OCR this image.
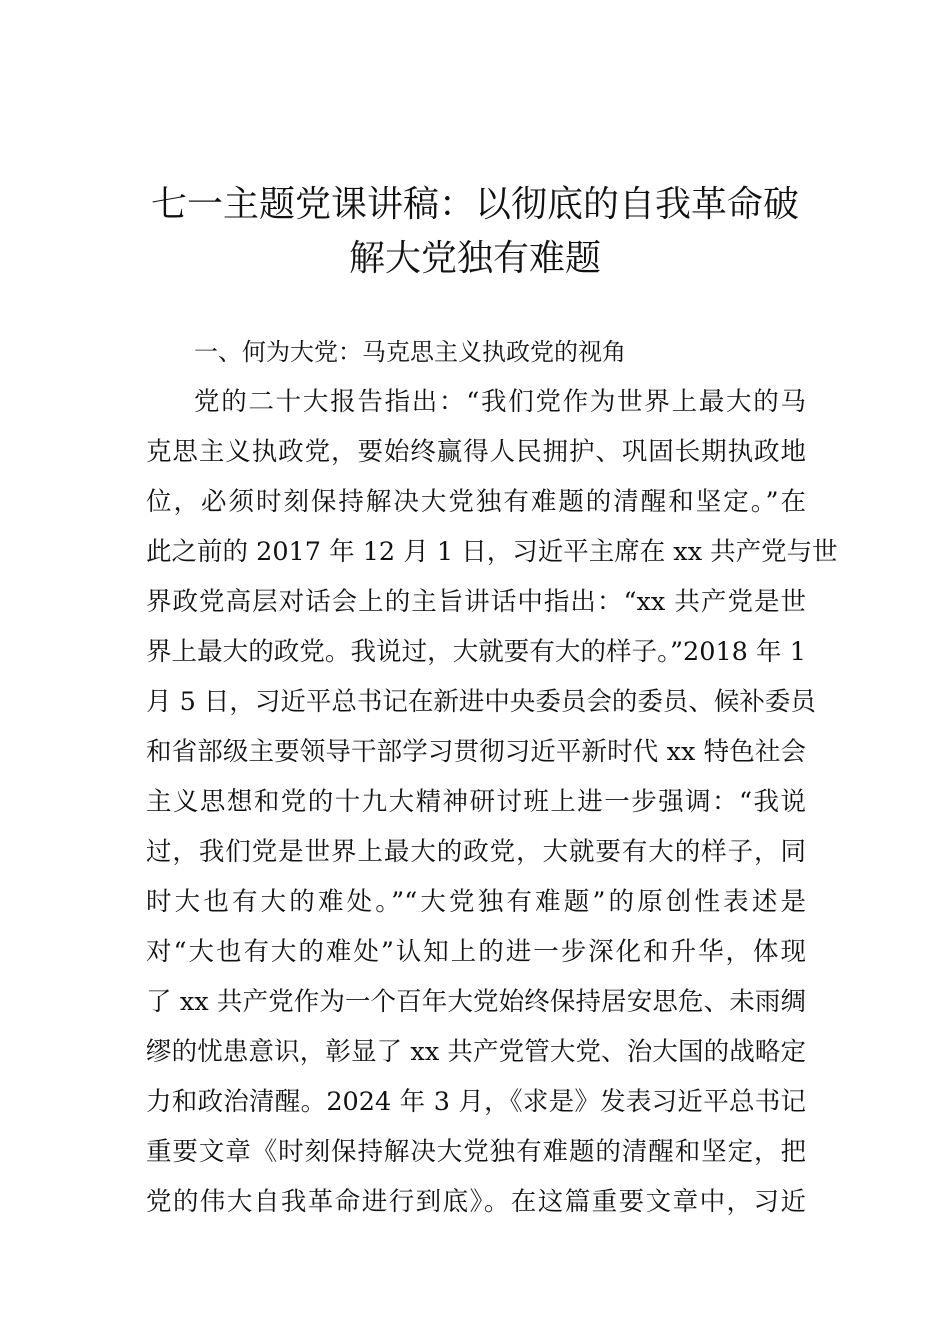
七一主题党课讲稿：以彻底的自我革命破
解大党独有难题

一、何为大党：马克思主义执政党的视角

党的二十大报告指出：“我们党作为世界上最大的马
克思主义执政党，要始终赢得人民拥护、巩固长期执政地
位，必须时刻保持解决大党独有难题的清醒和坚定。”在
此之前的 2017 年 12 月 1 日，习近平主席在 xx 共产党与世
界政党高层对话会上的主旨讲话中指出：“xx 共产党是世
界上最大的政党。我说过，大就要有大的样子。”2018 年 1
月 5 日，习近平总书记在新进中央委员会的委员、候补委员
和省部级主要领导干部学习贯彻习近平新时代 xx 特色社会
主义思想和党的十九大精神研讨班上进一步强调：“我说
过，我们党是世界上最大的政党，大就要有大的样子，同
时大也有大的难处。”“大党独有难题”的原创性表述是
对“大也有大的难处”认知上的进一步深化和升华，体现
了 xx 共产党作为一个百年大党始终保持居安思危、未雨绸
缪的忧患意识，彰显了 xx 共产党管大党、治大国的战略定
力和政治清醒。2024 年 3 月，《求是》发表习近平总书记
重要文章《时刻保持解决大党独有难题的清醒和坚定，把
党的伟大自我革命进行到底》。在这篇重要文章中，习近
